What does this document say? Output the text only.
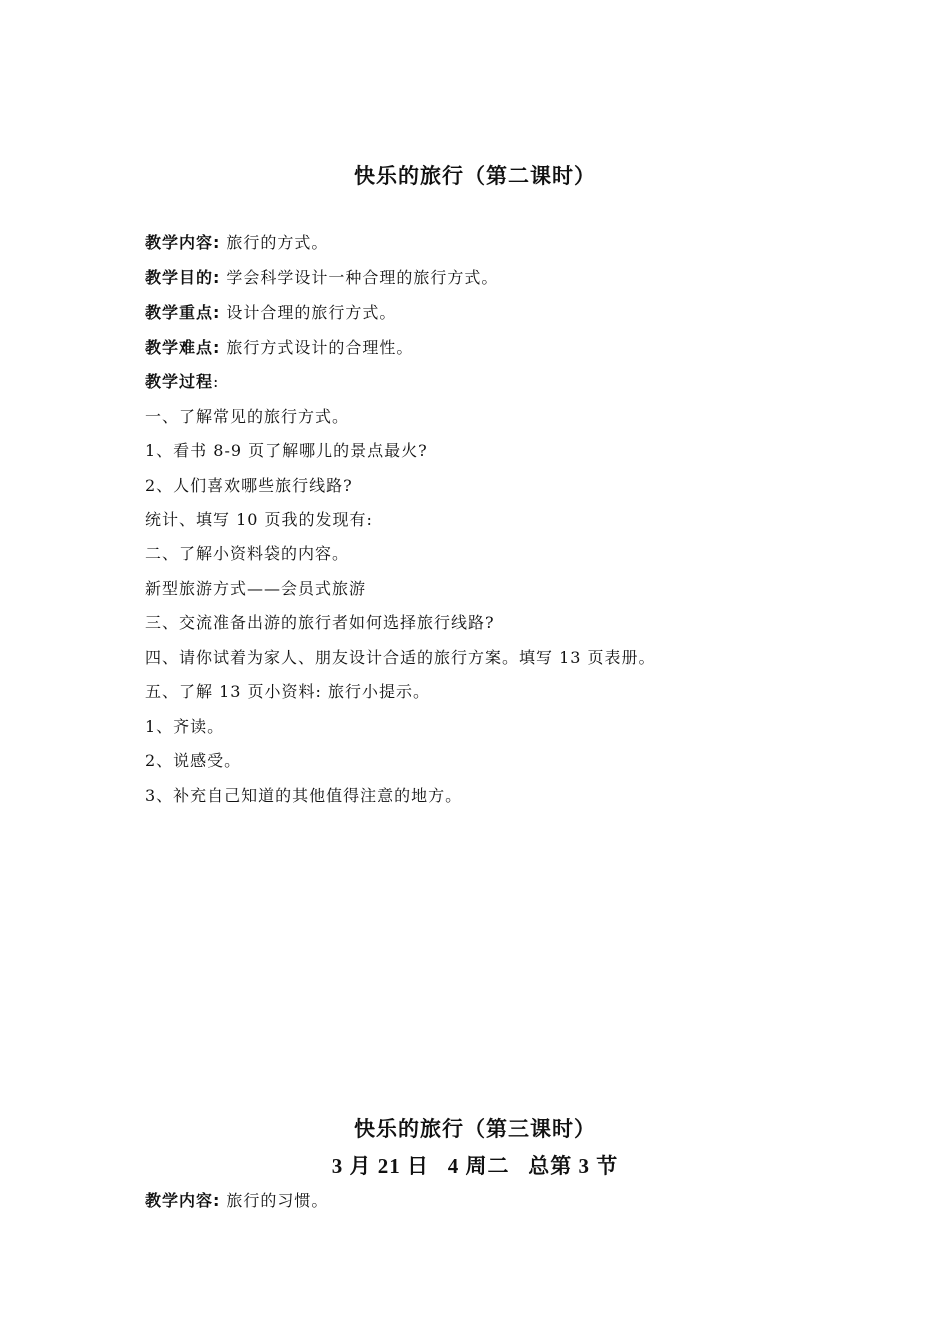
快乐的旅行（第二课时）
教学内容: 旅行的方式。
教学目的: 学会科学设计一种合理的旅行方式。
教学重点: 设计合理的旅行方式。
教学难点: 旅行方式设计的合理性。
教学过程:
一、了解常见的旅行方式。
1、看书 8-9 页了解哪儿的景点最火?
2、人们喜欢哪些旅行线路?
统计、填写 10 页我的发现有:
二、了解小资料袋的内容。
新型旅游方式——会员式旅游
三、交流准备出游的旅行者如何选择旅行线路?
四、请你试着为家人、朋友设计合适的旅行方案。填写 13 页表册。
五、了解 13 页小资料: 旅行小提示。
1、齐读。
2、说感受。
3、补充自己知道的其他值得注意的地方。
快乐的旅行（第三课时）
3 月 21 日   4 周二   总第 3 节
教学内容: 旅行的习惯。
